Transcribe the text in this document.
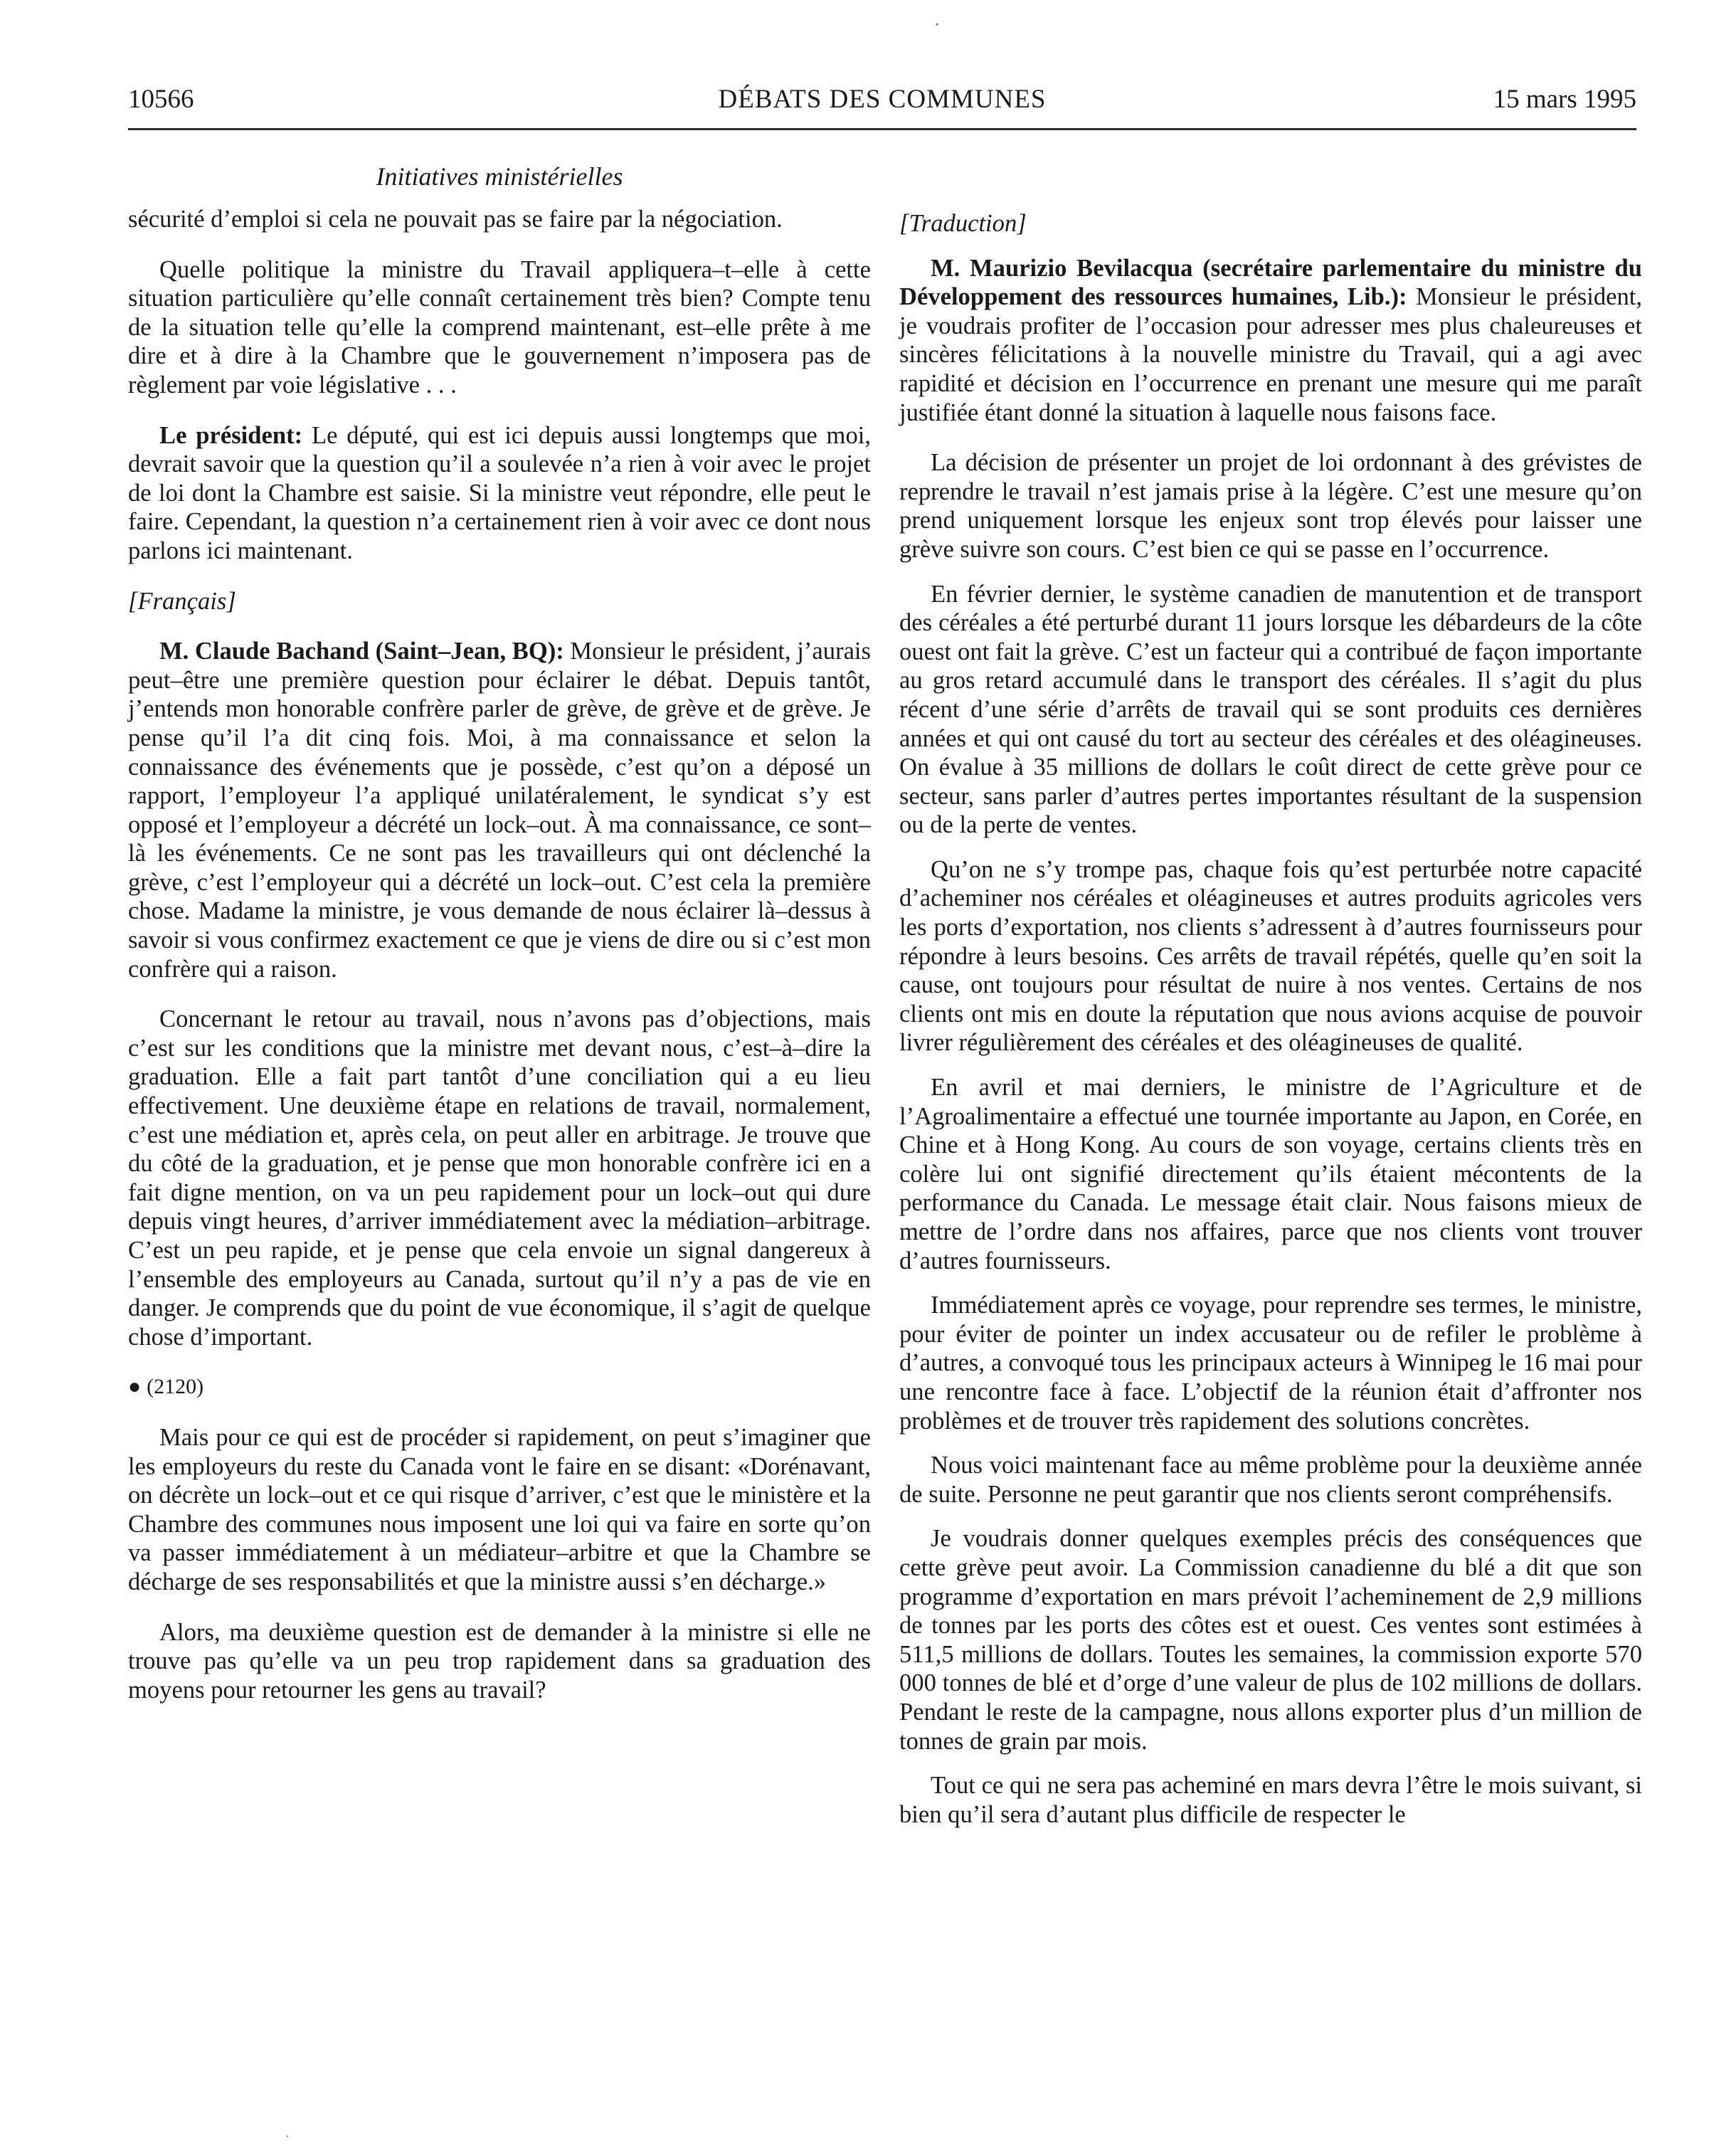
·
10566	DÉBATS DES COMMUNES	15 mars 1995
Initiatives ministérielles

sécurité d’emploi si cela ne pouvait pas se faire par la négociation.

Quelle politique la ministre du Travail appliquera–t–elle à cette situation particulière qu’elle connaît certainement très bien? Compte tenu de la situation telle qu’elle la comprend maintenant, est–elle prête à me dire et à dire à la Chambre que le gouvernement n’imposera pas de règlement par voie législative . . .

Le président: Le député, qui est ici depuis aussi longtemps que moi, devrait savoir que la question qu’il a soulevée n’a rien à voir avec le projet de loi dont la Chambre est saisie. Si la ministre veut répondre, elle peut le faire. Cependant, la question n’a certainement rien à voir avec ce dont nous parlons ici maintenant.

[Français]

M. Claude Bachand (Saint–Jean, BQ): Monsieur le président, j’aurais peut–être une première question pour éclairer le débat. Depuis tantôt, j’entends mon honorable confrère parler de grève, de grève et de grève. Je pense qu’il l’a dit cinq fois. Moi, à ma connaissance et selon la connaissance des événements que je possède, c’est qu’on a déposé un rapport, l’employeur l’a appliqué unilatéralement, le syndicat s’y est opposé et l’employeur a décrété un lock–out. À ma connaissance, ce sont–là les événements. Ce ne sont pas les travailleurs qui ont déclenché la grève, c’est l’employeur qui a décrété un lock–out. C’est cela la première chose. Madame la ministre, je vous demande de nous éclairer là–dessus à savoir si vous confirmez exactement ce que je viens de dire ou si c’est mon confrère qui a raison.

Concernant le retour au travail, nous n’avons pas d’objections, mais c’est sur les conditions que la ministre met devant nous, c’est–à–dire la graduation. Elle a fait part tantôt d’une conciliation qui a eu lieu effectivement. Une deuxième étape en relations de travail, normalement, c’est une médiation et, après cela, on peut aller en arbitrage. Je trouve que du côté de la graduation, et je pense que mon honorable confrère ici en a fait digne mention, on va un peu rapidement pour un lock–out qui dure depuis vingt heures, d’arriver immédiatement avec la médiation–arbitrage. C’est un peu rapide, et je pense que cela envoie un signal dangereux à l’ensemble des employeurs au Canada, surtout qu’il n’y a pas de vie en danger. Je comprends que du point de vue économique, il s’agit de quelque chose d’important.

● (2120)

Mais pour ce qui est de procéder si rapidement, on peut s’imaginer que les employeurs du reste du Canada vont le faire en se disant: «Dorénavant, on décrète un lock–out et ce qui risque d’arriver, c’est que le ministère et la Chambre des communes nous imposent une loi qui va faire en sorte qu’on va passer immédiatement à un médiateur–arbitre et que la Chambre se décharge de ses responsabilités et que la ministre aussi s’en décharge.»

Alors, ma deuxième question est de demander à la ministre si elle ne trouve pas qu’elle va un peu trop rapidement dans sa graduation des moyens pour retourner les gens au travail?

[Traduction]

M. Maurizio Bevilacqua (secrétaire parlementaire du ministre du Développement des ressources humaines, Lib.): Monsieur le président, je voudrais profiter de l’occasion pour adresser mes plus chaleureuses et sincères félicitations à la nouvelle ministre du Travail, qui a agi avec rapidité et décision en l’occurrence en prenant une mesure qui me paraît justifiée étant donné la situation à laquelle nous faisons face.

La décision de présenter un projet de loi ordonnant à des grévistes de reprendre le travail n’est jamais prise à la légère. C’est une mesure qu’on prend uniquement lorsque les enjeux sont trop élevés pour laisser une grève suivre son cours. C’est bien ce qui se passe en l’occurrence.

En février dernier, le système canadien de manutention et de transport des céréales a été perturbé durant 11 jours lorsque les débardeurs de la côte ouest ont fait la grève. C’est un facteur qui a contribué de façon importante au gros retard accumulé dans le transport des céréales. Il s’agit du plus récent d’une série d’arrêts de travail qui se sont produits ces dernières années et qui ont causé du tort au secteur des céréales et des oléagineuses. On évalue à 35 millions de dollars le coût direct de cette grève pour ce secteur, sans parler d’autres pertes importantes résultant de la suspension ou de la perte de ventes.

Qu’on ne s’y trompe pas, chaque fois qu’est perturbée notre capacité d’acheminer nos céréales et oléagineuses et autres produits agricoles vers les ports d’exportation, nos clients s’adressent à d’autres fournisseurs pour répondre à leurs besoins. Ces arrêts de travail répétés, quelle qu’en soit la cause, ont toujours pour résultat de nuire à nos ventes. Certains de nos clients ont mis en doute la réputation que nous avions acquise de pouvoir livrer régulièrement des céréales et des oléagineuses de qualité.

En avril et mai derniers, le ministre de l’Agriculture et de l’Agroalimentaire a effectué une tournée importante au Japon, en Corée, en Chine et à Hong Kong. Au cours de son voyage, certains clients très en colère lui ont signifié directement qu’ils étaient mécontents de la performance du Canada. Le message était clair. Nous faisons mieux de mettre de l’ordre dans nos affaires, parce que nos clients vont trouver d’autres fournisseurs.

Immédiatement après ce voyage, pour reprendre ses termes, le ministre, pour éviter de pointer un index accusateur ou de refiler le problème à d’autres, a convoqué tous les principaux acteurs à Winnipeg le 16 mai pour une rencontre face à face. L’objectif de la réunion était d’affronter nos problèmes et de trouver très rapidement des solutions concrètes.

Nous voici maintenant face au même problème pour la deuxième année de suite. Personne ne peut garantir que nos clients seront compréhensifs.

Je voudrais donner quelques exemples précis des conséquences que cette grève peut avoir. La Commission canadienne du blé a dit que son programme d’exportation en mars prévoit l’acheminement de 2,9 millions de tonnes par les ports des côtes est et ouest. Ces ventes sont estimées à 511,5 millions de dollars. Toutes les semaines, la commission exporte 570 000 tonnes de blé et d’orge d’une valeur de plus de 102 millions de dollars. Pendant le reste de la campagne, nous allons exporter plus d’un million de tonnes de grain par mois.

Tout ce qui ne sera pas acheminé en mars devra l’être le mois suivant, si bien qu’il sera d’autant plus difficile de respecter le

·
